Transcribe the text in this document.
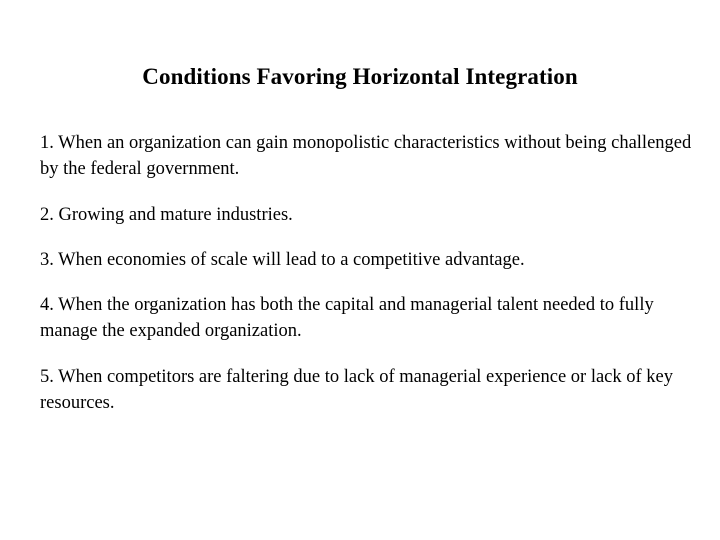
Conditions Favoring Horizontal Integration

1. When an organization can gain monopolistic characteristics without being challenged by the federal government.

2. Growing and mature industries.

3. When economies of scale will lead to a competitive advantage.

4. When the organization has both the capital and managerial talent needed to fully manage the expanded organization.

5. When competitors are faltering due to lack of managerial experience or lack of key resources.
